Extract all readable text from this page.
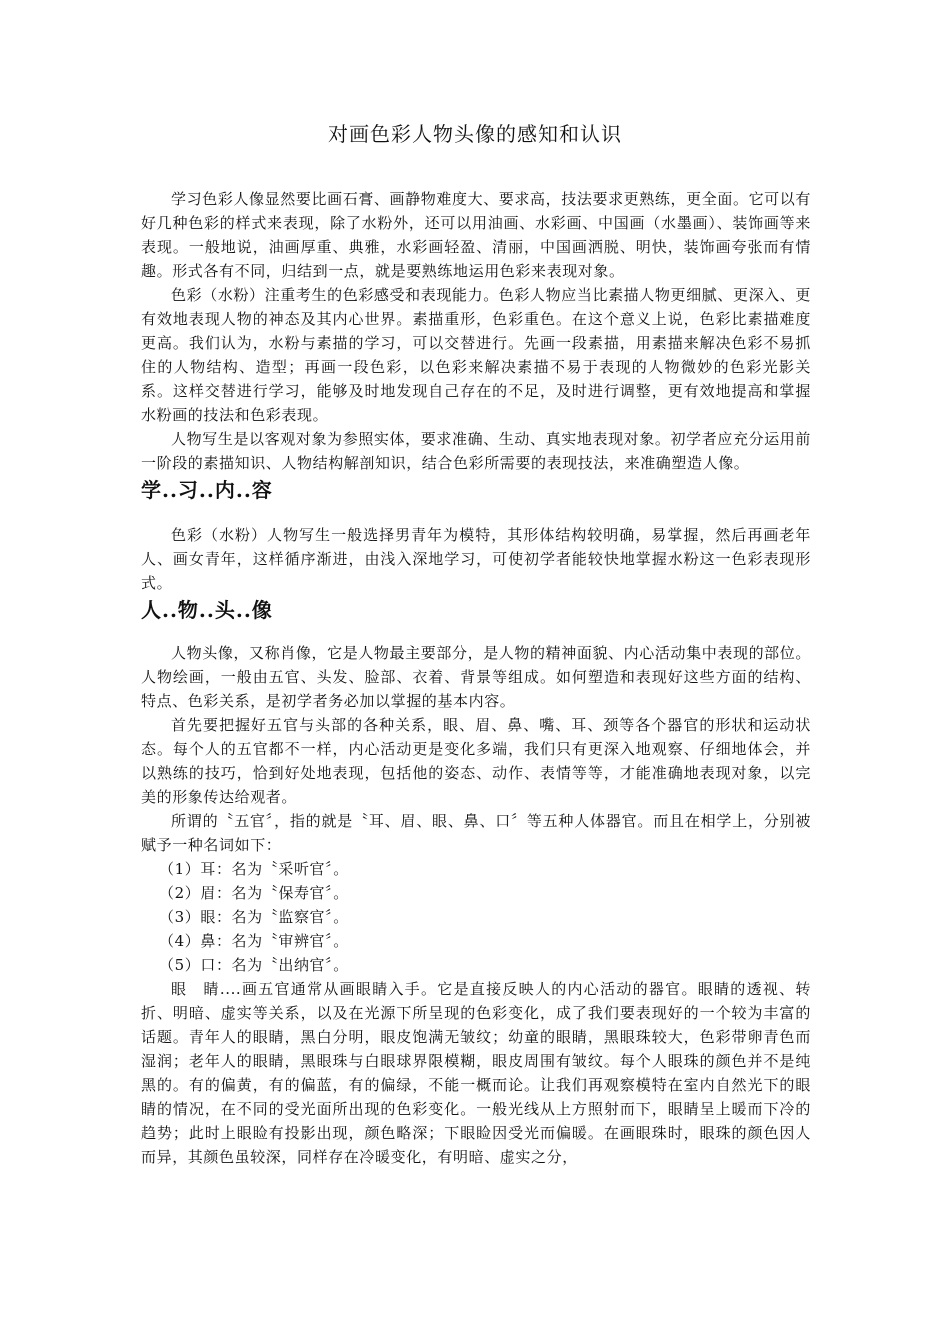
对画色彩人物头像的感知和认识

学习色彩人像显然要比画石膏、画静物难度大、要求高，技法要求更熟练，更全面。它可以有好几种色彩的样式来表现，除了水粉外，还可以用油画、水彩画、中国画（水墨画）、装饰画等来表现。一般地说，油画厚重、典雅，水彩画轻盈、清丽，中国画洒脱、明快，装饰画夸张而有情趣。形式各有不同，归结到一点，就是要熟练地运用色彩来表现对象。

色彩（水粉）注重考生的色彩感受和表现能力。色彩人物应当比素描人物更细腻、更深入、更有效地表现人物的神态及其内心世界。素描重形，色彩重色。在这个意义上说，色彩比素描难度更高。我们认为，水粉与素描的学习，可以交替进行。先画一段素描，用素描来解决色彩不易抓住的人物结构、造型；再画一段色彩，以色彩来解决素描不易于表现的人物微妙的色彩光影关系。这样交替进行学习，能够及时地发现自己存在的不足，及时进行调整，更有效地提高和掌握水粉画的技法和色彩表现。

人物写生是以客观对象为参照实体，要求准确、生动、真实地表现对象。初学者应充分运用前一阶段的素描知识、人物结构解剖知识，结合色彩所需要的表现技法，来准确塑造人像。

学..习..内..容

色彩（水粉）人物写生一般选择男青年为模特，其形体结构较明确，易掌握，然后再画老年人、画女青年，这样循序渐进，由浅入深地学习，可使初学者能较快地掌握水粉这一色彩表现形式。

人..物..头..像

人物头像，又称肖像，它是人物最主要部分，是人物的精神面貌、内心活动集中表现的部位。人物绘画，一般由五官、头发、脸部、衣着、背景等组成。如何塑造和表现好这些方面的结构、特点、色彩关系，是初学者务必加以掌握的基本内容。

首先要把握好五官与头部的各种关系，眼、眉、鼻、嘴、耳、颈等各个器官的形状和运动状态。每个人的五官都不一样，内心活动更是变化多端，我们只有更深入地观察、仔细地体会，并以熟练的技巧，恰到好处地表现，包括他的姿态、动作、表情等等，才能准确地表现对象，以完美的形象传达给观者。

所谓的〝五官〞，指的就是〝耳、眉、眼、鼻、口〞等五种人体器官。而且在相学上，分别被赋予一种名词如下：

（1）耳：名为〝采听官〞。

（2）眉：名为〝保寿官〞。

（3）眼：名为〝监察官〞。

（4）鼻：名为〝审辨官〞。

（5）口：名为〝出纳官〞。

眼　睛....画五官通常从画眼睛入手。它是直接反映人的内心活动的器官。眼睛的透视、转折、明暗、虚实等关系，以及在光源下所呈现的色彩变化，成了我们要表现好的一个较为丰富的话题。青年人的眼睛，黑白分明，眼皮饱满无皱纹；幼童的眼睛，黑眼珠较大，色彩带卵青色而湿润；老年人的眼睛，黑眼珠与白眼球界限模糊，眼皮周围有皱纹。每个人眼珠的颜色并不是纯黑的。有的偏黄，有的偏蓝，有的偏绿，不能一概而论。让我们再观察模特在室内自然光下的眼睛的情况，在不同的受光面所出现的色彩变化。一般光线从上方照射而下，眼睛呈上暖而下冷的趋势；此时上眼睑有投影出现，颜色略深；下眼睑因受光而偏暖。在画眼珠时，眼珠的颜色因人而异，其颜色虽较深，同样存在冷暖变化，有明暗、虚实之分，
